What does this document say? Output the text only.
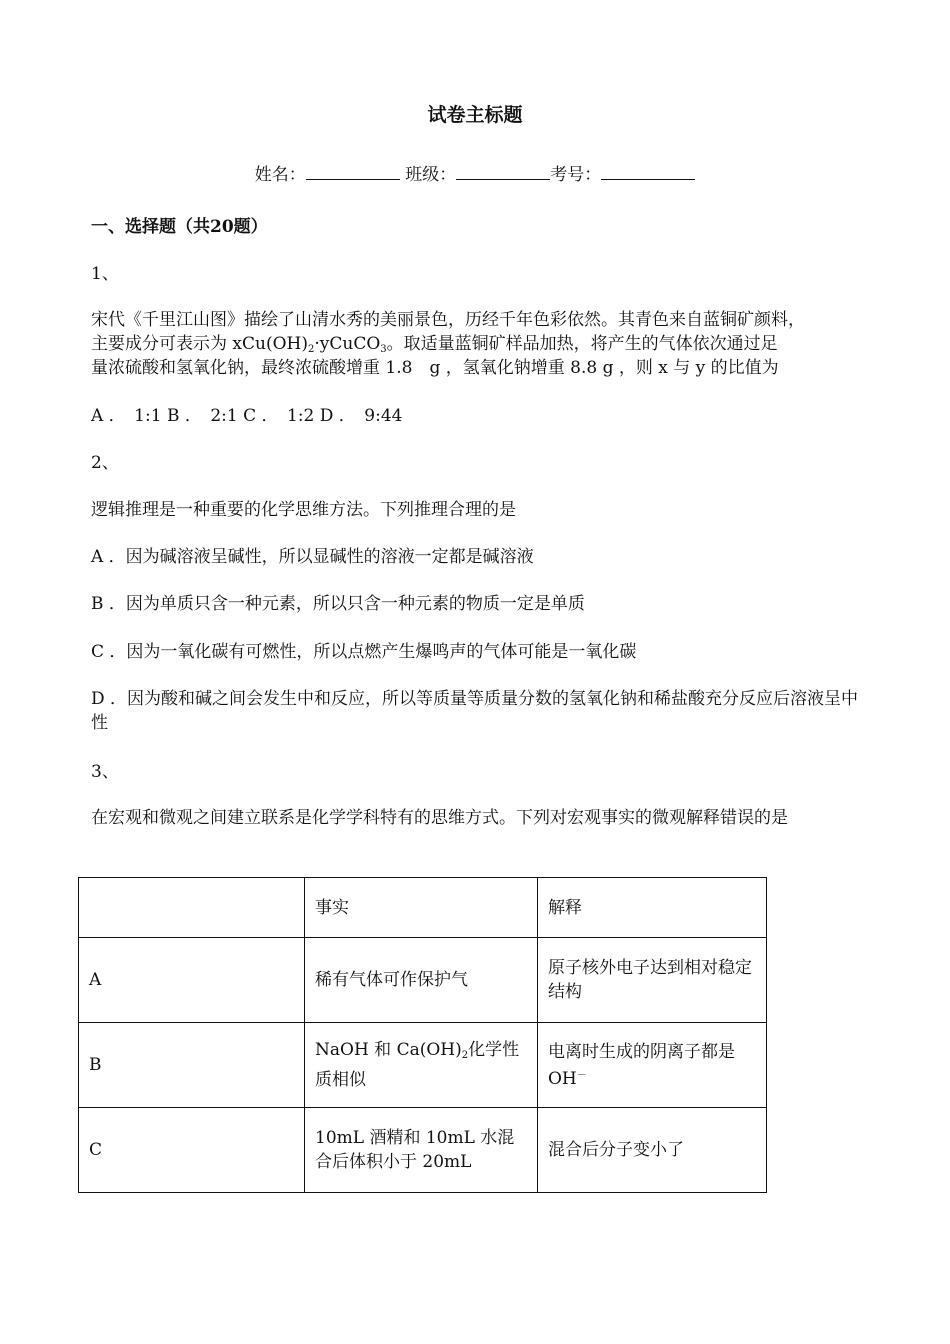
试卷主标题
姓名：	班级：	考号：
一、选择题（共20题）
1、
宋代《千里江山图》描绘了山清水秀的美丽景色，历经千年色彩依然。其青色来自蓝铜矿颜料，
主要成分可表示为 $xCu(OH)_2\cdot yCuCO_3$。取适量蓝铜矿样品加热，将产生的气体依次通过足
量浓硫酸和氢氧化钠，最终浓硫酸增重 1.8　g ，氢氧化钠增重 8.8 g ，则 x 与 y 的比值为
A ．　1:1 B ．　2:1 C ．　1:2 D ．　9:44
2、
逻辑推理是一种重要的化学思维方法。下列推理合理的是
A ．因为碱溶液呈碱性，所以显碱性的溶液一定都是碱溶液
B ．因为单质只含一种元素，所以只含一种元素的物质一定是单质
C ．因为一氧化碳有可燃性，所以点燃产生爆鸣声的气体可能是一氧化碳
D ．因为酸和碱之间会发生中和反应，所以等质量等质量分数的氢氧化钠和稀盐酸充分反应后溶液呈中性
3、
在宏观和微观之间建立联系是化学学科特有的思维方式。下列对宏观事实的微观解释错误的是
	事实	解释
A	稀有气体可作保护气	原子核外电子达到相对稳定结构
B	NaOH 和 $Ca(OH)_2$化学性质相似	电离时生成的阴离子都是 OH－
C	10mL 酒精和 10mL 水混合后体积小于 20mL	混合后分子变小了
